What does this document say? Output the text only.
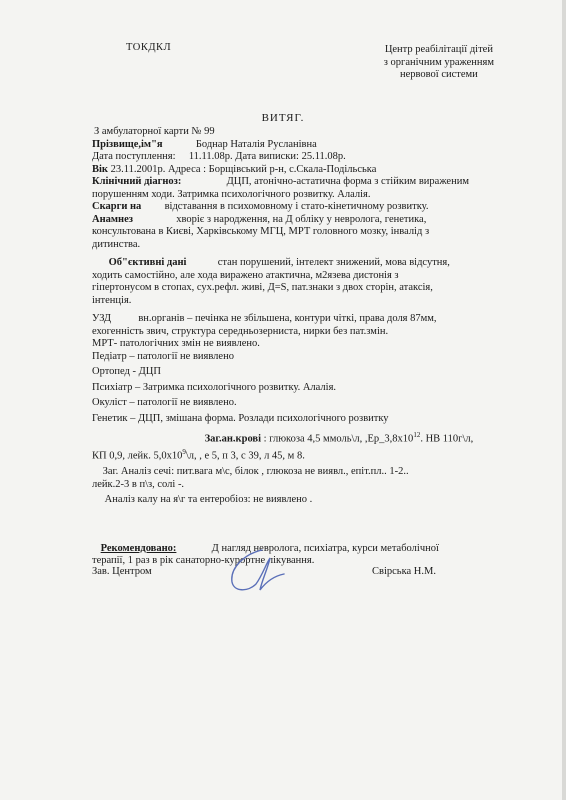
ТОКДКЛ	Центр реабілітації дітей
з органічним ураженням
нервової системи
ВИТЯГ.

З амбулаторної карти № 99

Прізвище,ім"я	Боднар Наталія Русланівна

Дата поступлення: 11.11.08р. Дата виписки: 25.11.08р.

Вік 23.11.2001р. Адреса : Борщівський р-н, с.Скала-Подільська

Клінічний діагноз:	ДЦП, атонічно-астатична форма з стійким вираженим

порушенням ходи. Затримка психологічного розвитку. Алалія.

Скарги на відставання в психомовному і стато-кінетичному розвитку.

Анамнез	хворіє з народження, на Д обліку у невролога, генетика,

консультована в Києві, Харківському МГЦ, МРТ головного мозку, інвалід з

дитинства.

Об"єктивні дані	стан порушений, інтелект знижений, мова відсутня,

ходить самостійно, але хода виражено атактична, м2язева дистонія з

гіпертонусом в стопах, сух.рефл. живі, Д=S, пат.знаки з двох сторін, атаксія,

інтенція.

УЗД	вн.органів – печінка не збільшена, контури чіткі, права доля 87мм,

ехогенність звич, структура середньозерниста, нирки без пат.змін.

МРТ- патологічних змін не виявлено.

Педіатр – патології не виявлено

Ортопед - ДЦП

Психіатр – Затримка психологічного розвитку. Алалія.

Окуліст – патології не виявлено.

Генетик – ДЦП, змішана форма. Розлади психологічного розвитку

Заг.ан.крові : глюкоза 4,5 ммоль\л, $,Ер\_3,8х10^{12}$. НВ 110г\л,

КП 0,9, лейк. $5,0х10^9\backslash л$, , е 5, п 3, с 39, л 45, м 8.

Заг. Аналіз сечі: пит.вага м\с, білок , глюкоза не виявл., епіт.пл.. 1-2..

лейк.2-3 в п\з, солі -.

Аналіз калу на я\г та ентеробіоз: не виявлено .

Рекомендовано:	Д нагляд невролога, психіатра, курси метаболічної

терапії, 1 раз в рік санаторно-курортне лікування.

Зав. Центром	Свірська Н.М.
